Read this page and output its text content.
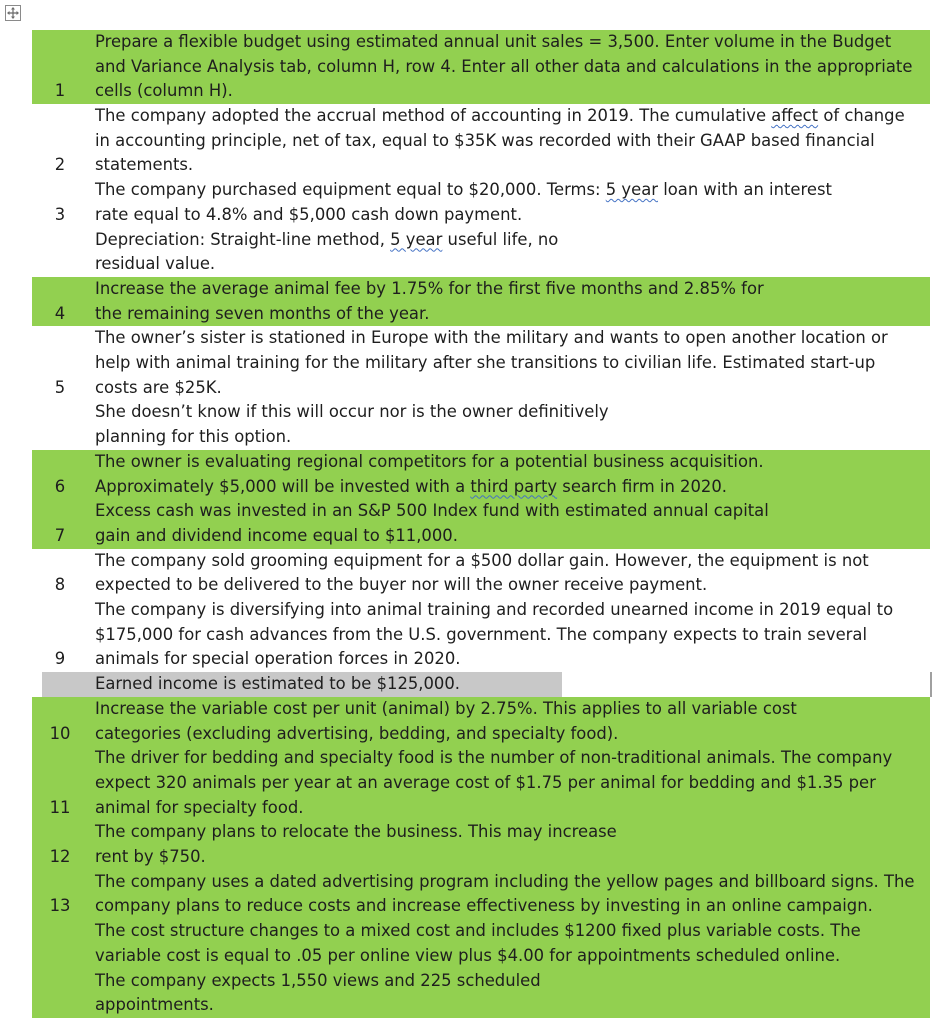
1
Prepare a flexible budget using estimated annual unit sales = 3,500. Enter volume in the Budget
and Variance Analysis tab, column H, row 4. Enter all other data and calculations in the appropriate
cells (column H).
2
The company adopted the accrual method of accounting in 2019. The cumulative affect of change
in accounting principle, net of tax, equal to $35K was recorded with their GAAP based financial
statements.
3
The company purchased equipment equal to $20,000. Terms: 5 year loan with an interest
rate equal to 4.8% and $5,000 cash down payment.
Depreciation: Straight-line method, 5 year useful life, no
residual value.
4
Increase the average animal fee by 1.75% for the first five months and 2.85% for
the remaining seven months of the year.
5
The owner’s sister is stationed in Europe with the military and wants to open another location or
help with animal training for the military after she transitions to civilian life. Estimated start-up
costs are $25K.
She doesn’t know if this will occur nor is the owner definitively
planning for this option.
6
The owner is evaluating regional competitors for a potential business acquisition.
Approximately $5,000 will be invested with a third party search firm in 2020.
7
Excess cash was invested in an S&P 500 Index fund with estimated annual capital
gain and dividend income equal to $11,000.
8
The company sold grooming equipment for a $500 dollar gain. However, the equipment is not
expected to be delivered to the buyer nor will the owner receive payment.
9
The company is diversifying into animal training and recorded unearned income in 2019 equal to
$175,000 for cash advances from the U.S. government. The company expects to train several
animals for special operation forces in 2020.
Earned income is estimated to be $125,000.
10
Increase the variable cost per unit (animal) by 2.75%. This applies to all variable cost
categories (excluding advertising, bedding, and specialty food).
11
The driver for bedding and specialty food is the number of non-traditional animals. The company
expect 320 animals per year at an average cost of $1.75 per animal for bedding and $1.35 per
animal for specialty food.
12
The company plans to relocate the business. This may increase
rent by $750.
13
The company uses a dated advertising program including the yellow pages and billboard signs. The
company plans to reduce costs and increase effectiveness by investing in an online campaign.
The cost structure changes to a mixed cost and includes $1200 fixed plus variable costs. The
variable cost is equal to .05 per online view plus $4.00 for appointments scheduled online.
The company expects 1,550 views and 225 scheduled
appointments.
